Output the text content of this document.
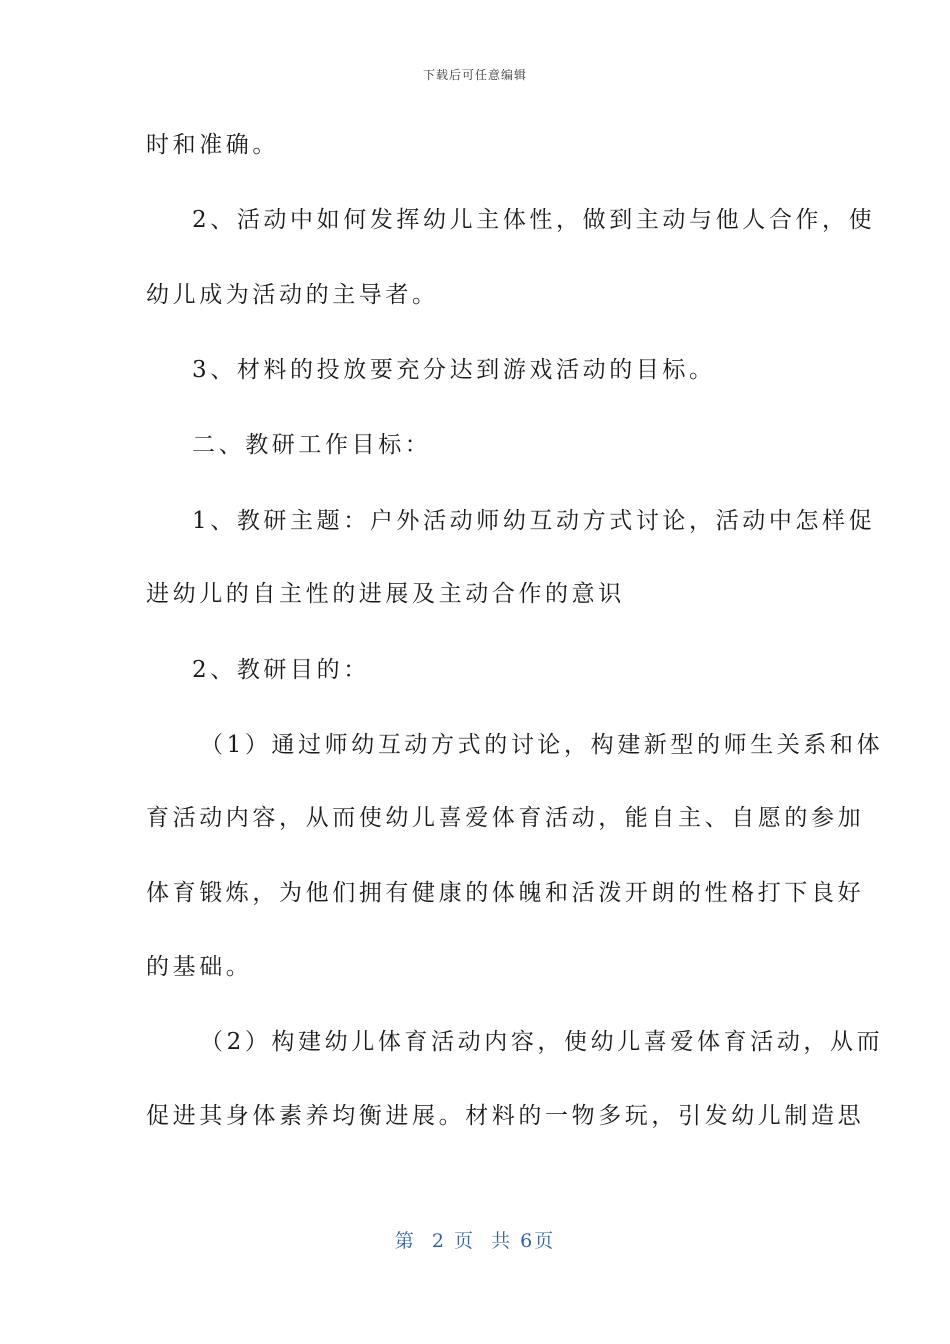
下载后可任意编辑
时和准确。
2、活动中如何发挥幼儿主体性，做到主动与他人合作，使
幼儿成为活动的主导者。
3、材料的投放要充分达到游戏活动的目标。
二、教研工作目标：
1、教研主题：户外活动师幼互动方式讨论，活动中怎样促
进幼儿的自主性的进展及主动合作的意识
2、教研目的：
（1）通过师幼互动方式的讨论，构建新型的师生关系和体
育活动内容，从而使幼儿喜爱体育活动，能自主、自愿的参加
体育锻炼，为他们拥有健康的体魄和活泼开朗的性格打下良好
的基础。
（2）构建幼儿体育活动内容，使幼儿喜爱体育活动，从而
促进其身体素养均衡进展。材料的一物多玩，引发幼儿制造思
第  2 页  共 6页
